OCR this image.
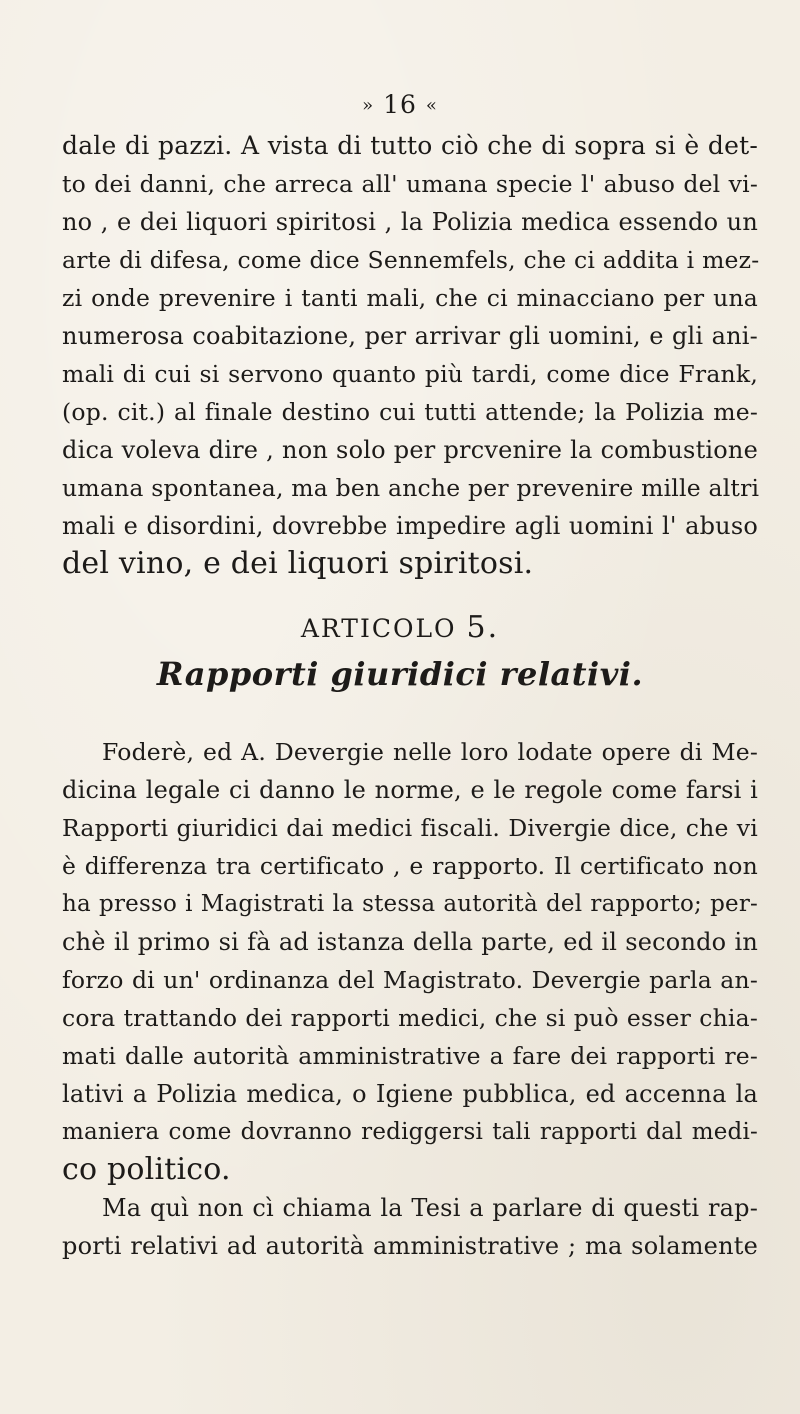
» 16 «
dale di pazzi. A vista di tutto ciò che di sopra si è det-
to dei danni, che arreca all' umana specie l' abuso del vi-
no , e dei liquori spiritosi , la Polizia medica essendo un
arte di difesa, come dice Sennemfels, che ci addita i mez-
zi onde prevenire i tanti mali, che ci minacciano per una
numerosa coabitazione, per arrivar gli uomini, e gli ani-
mali di cui si servono quanto più tardi, come dice Frank,
(op. cit.) al finale destino cui tutti attende; la Polizia me-
dica voleva dire , non solo per prcvenire la combustione
umana spontanea, ma ben anche per prevenire mille altri
mali e disordini, dovrebbe impedire agli uomini l' abuso
del vino, e dei liquori spiritosi.
ARTICOLO 5.
Rapporti giuridici relativi.
Foderè, ed A. Devergie nelle loro lodate opere di Me-
dicina legale ci danno le norme, e le regole come farsi i
Rapporti giuridici dai medici fiscali. Divergie dice, che vi
è differenza tra certificato , e rapporto. Il certificato non
ha presso i Magistrati la stessa autorità del rapporto; per-
chè il primo si fà ad istanza della parte, ed il secondo in
forzo di un' ordinanza del Magistrato. Devergie parla an-
cora trattando dei rapporti medici, che si può esser chia-
mati dalle autorità amministrative a fare dei rapporti re-
lativi a Polizia medica, o Igiene pubblica, ed accenna la
maniera come dovranno rediggersi tali rapporti dal medi-
co politico.
Ma quì non cì chiama la Tesi a parlare di questi rap-
porti relativi ad autorità amministrative ; ma solamente
